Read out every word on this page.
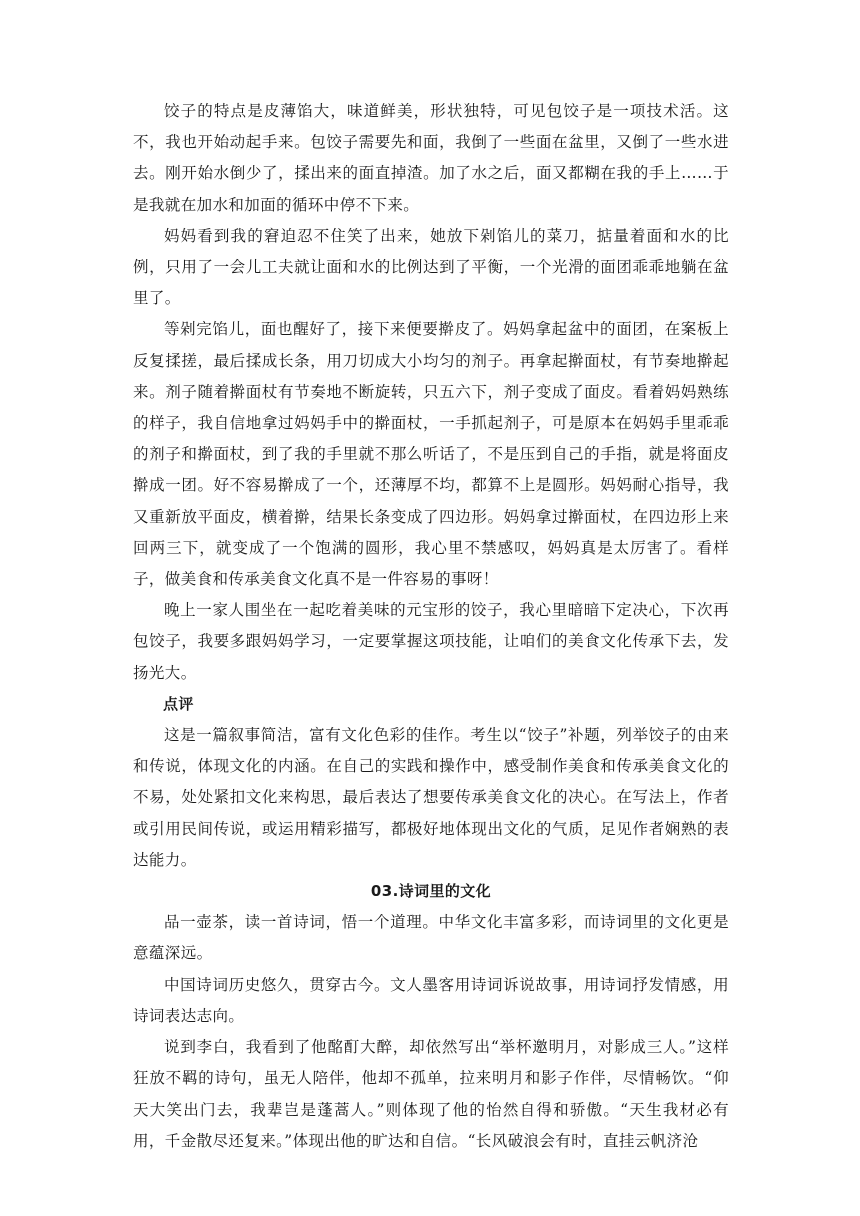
饺子的特点是皮薄馅大，味道鲜美，形状独特，可见包饺子是一项技术活。这不，我也开始动起手来。包饺子需要先和面，我倒了一些面在盆里，又倒了一些水进去。刚开始水倒少了，揉出来的面直掉渣。加了水之后，面又都糊在我的手上……于是我就在加水和加面的循环中停不下来。

妈妈看到我的窘迫忍不住笑了出来，她放下剁馅儿的菜刀，掂量着面和水的比例，只用了一会儿工夫就让面和水的比例达到了平衡，一个光滑的面团乖乖地躺在盆里了。

等剁完馅儿，面也醒好了，接下来便要擀皮了。妈妈拿起盆中的面团，在案板上反复揉搓，最后揉成长条，用刀切成大小均匀的剂子。再拿起擀面杖，有节奏地擀起来。剂子随着擀面杖有节奏地不断旋转，只五六下，剂子变成了面皮。看着妈妈熟练的样子，我自信地拿过妈妈手中的擀面杖，一手抓起剂子，可是原本在妈妈手里乖乖的剂子和擀面杖，到了我的手里就不那么听话了，不是压到自己的手指，就是将面皮擀成一团。好不容易擀成了一个，还薄厚不均，都算不上是圆形。妈妈耐心指导，我又重新放平面皮，横着擀，结果长条变成了四边形。妈妈拿过擀面杖，在四边形上来回两三下，就变成了一个饱满的圆形，我心里不禁感叹，妈妈真是太厉害了。看样子，做美食和传承美食文化真不是一件容易的事呀！

晚上一家人围坐在一起吃着美味的元宝形的饺子，我心里暗暗下定决心，下次再包饺子，我要多跟妈妈学习，一定要掌握这项技能，让咱们的美食文化传承下去，发扬光大。

点评

这是一篇叙事简洁，富有文化色彩的佳作。考生以“饺子”补题，列举饺子的由来和传说，体现文化的内涵。在自己的实践和操作中，感受制作美食和传承美食文化的不易，处处紧扣文化来构思，最后表达了想要传承美食文化的决心。在写法上，作者或引用民间传说，或运用精彩描写，都极好地体现出文化的气质，足见作者娴熟的表达能力。

03.诗词里的文化

品一壶茶，读一首诗词，悟一个道理。中华文化丰富多彩，而诗词里的文化更是意蕴深远。

中国诗词历史悠久，贯穿古今。文人墨客用诗词诉说故事，用诗词抒发情感，用诗词表达志向。

说到李白，我看到了他酩酊大醉，却依然写出“举杯邀明月，对影成三人。”这样狂放不羁的诗句，虽无人陪伴，他却不孤单，拉来明月和影子作伴，尽情畅饮。“仰天大笑出门去，我辈岂是蓬蒿人。”则体现了他的怡然自得和骄傲。“天生我材必有用，千金散尽还复来。”体现出他的旷达和自信。“长风破浪会有时，直挂云帆济沧
